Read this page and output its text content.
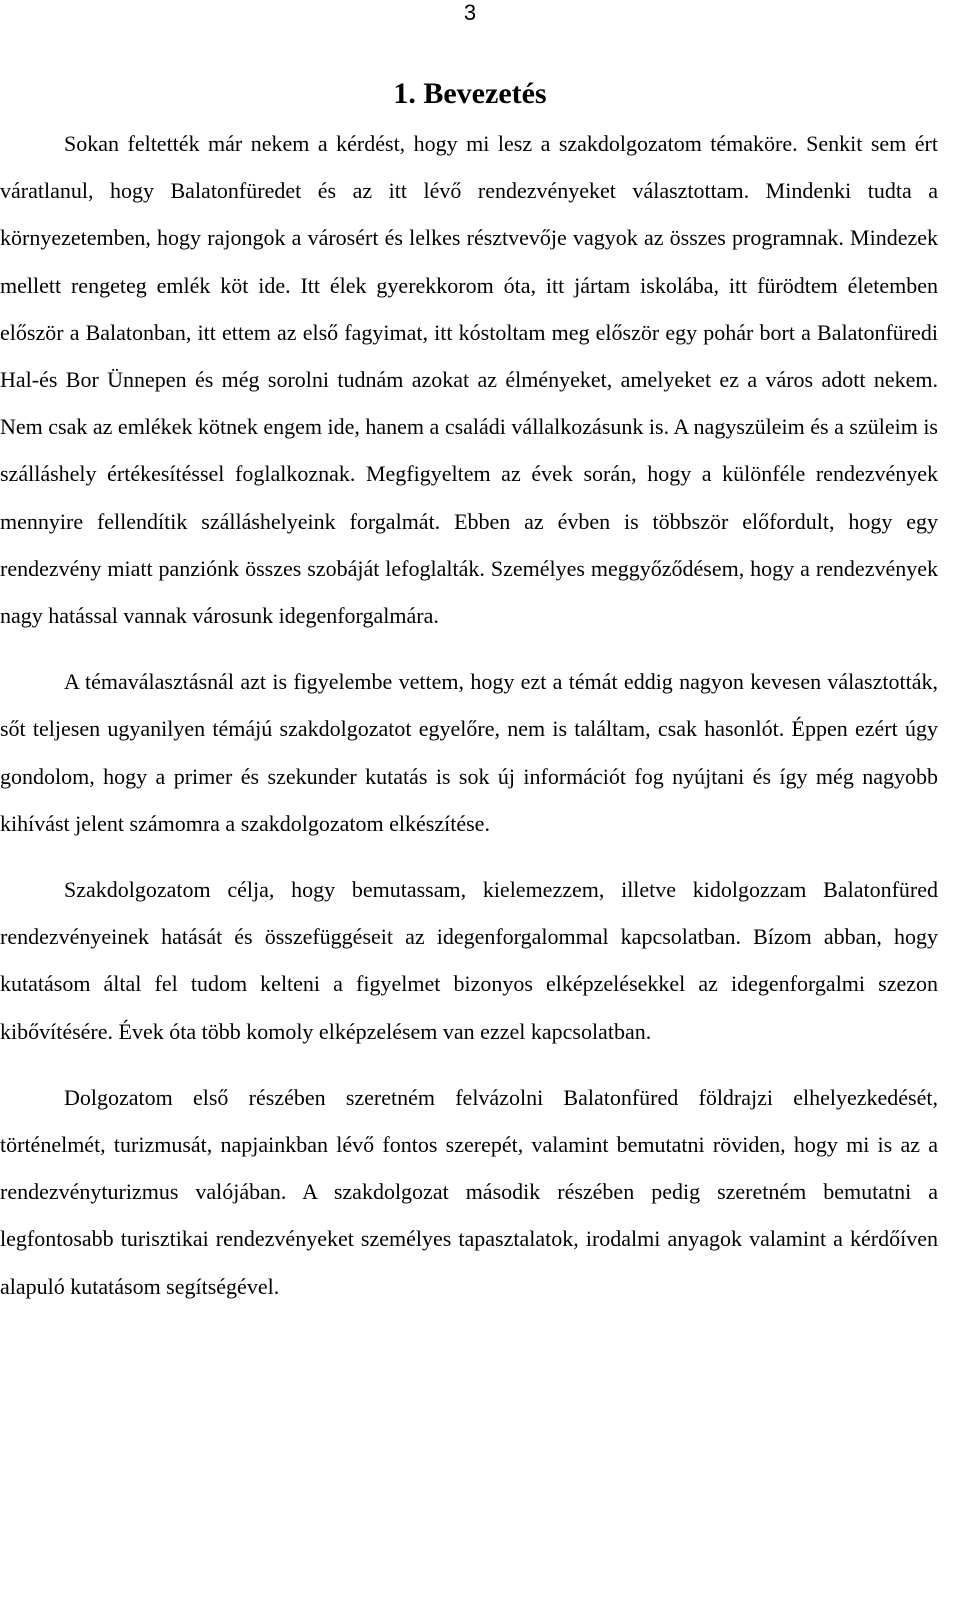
3
1. Bevezetés

Sokan feltették már nekem a kérdést, hogy mi lesz a szakdolgozatom témaköre. Senkit sem ért váratlanul, hogy Balatonfüredet és az itt lévő rendezvényeket választottam. Mindenki tudta a környezetemben, hogy rajongok a városért és lelkes résztvevője vagyok az összes programnak. Mindezek mellett rengeteg emlék köt ide. Itt élek gyerekkorom óta, itt jártam iskolába, itt fürödtem életemben először a Balatonban, itt ettem az első fagyimat, itt kóstoltam meg először egy pohár bort a Balatonfüredi Hal-és Bor Ünnepen és még sorolni tudnám azokat az élményeket, amelyeket ez a város adott nekem. Nem csak az emlékek kötnek engem ide, hanem a családi vállalkozásunk is. A nagyszüleim és a szüleim is szálláshely értékesítéssel foglalkoznak. Megfigyeltem az évek során, hogy a különféle rendezvények mennyire fellendítik szálláshelyeink forgalmát. Ebben az évben is többször előfordult, hogy egy rendezvény miatt panziónk összes szobáját lefoglalták. Személyes meggyőződésem, hogy a rendezvények nagy hatással vannak városunk idegenforgalmára.

A témaválasztásnál azt is figyelembe vettem, hogy ezt a témát eddig nagyon kevesen választották, sőt teljesen ugyanilyen témájú szakdolgozatot egyelőre, nem is találtam, csak hasonlót. Éppen ezért úgy gondolom, hogy a primer és szekunder kutatás is sok új információt fog nyújtani és így még nagyobb kihívást jelent számomra a szakdolgozatom elkészítése.

Szakdolgozatom célja, hogy bemutassam, kielemezzem, illetve kidolgozzam Balatonfüred rendezvényeinek hatását és összefüggéseit az idegenforgalommal kapcsolatban. Bízom abban, hogy kutatásom által fel tudom kelteni a figyelmet bizonyos elképzelésekkel az idegenforgalmi szezon kibővítésére. Évek óta több komoly elképzelésem van ezzel kapcsolatban.

Dolgozatom első részében szeretném felvázolni Balatonfüred földrajzi elhelyezkedését, történelmét, turizmusát, napjainkban lévő fontos szerepét, valamint bemutatni röviden, hogy mi is az a rendezvényturizmus valójában. A szakdolgozat második részében pedig szeretném bemutatni a legfontosabb turisztikai rendezvényeket személyes tapasztalatok, irodalmi anyagok valamint a kérdőíven alapuló kutatásom segítségével.
